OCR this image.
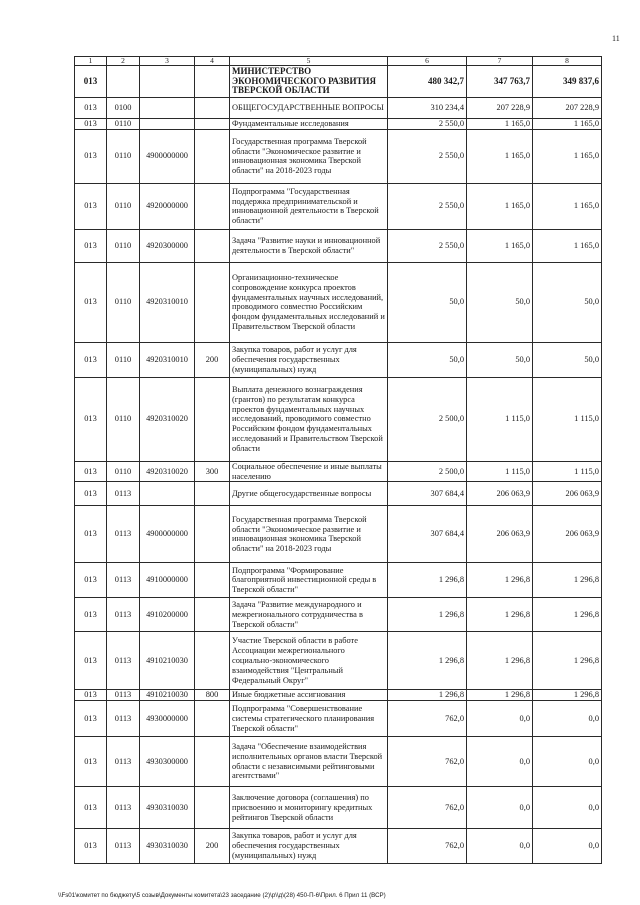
11
1	2	3	4	5	6	7	8
013				МИНИСТЕРСТВО ЭКОНОМИЧЕСКОГО РАЗВИТИЯ ТВЕРСКОЙ ОБЛАСТИ	480 342,7	347 763,7	349 837,6
013	0100			ОБЩЕГОСУДАРСТВЕННЫЕ ВОПРОСЫ	310 234,4	207 228,9	207 228,9
013	0110			Фундаментальные исследования	2 550,0	1 165,0	1 165,0
013	0110	4900000000		Государственная программа Тверской области "Экономическое развитие и инновационная экономика Тверской области" на 2018-2023 годы	2 550,0	1 165,0	1 165,0
013	0110	4920000000		Подпрограмма "Государственная поддержка предпринимательской и инновационной деятельности в Тверской области"	2 550,0	1 165,0	1 165,0
013	0110	4920300000		Задача "Развитие науки и инновационной деятельности в Тверской области"	2 550,0	1 165,0	1 165,0
013	0110	4920310010		Организационно-техническое сопровождение конкурса проектов фундаментальных научных исследований, проводимого совместно Российским фондом фундаментальных исследований и Правительством Тверской области	50,0	50,0	50,0
013	0110	4920310010	200	Закупка товаров, работ и услуг для обеспечения государственных (муниципальных) нужд	50,0	50,0	50,0
013	0110	4920310020		Выплата денежного вознаграждения (грантов) по результатам конкурса проектов фундаментальных научных исследований, проводимого совместно Российским фондом фундаментальных исследований и Правительством Тверской области	2 500,0	1 115,0	1 115,0
013	0110	4920310020	300	Социальное обеспечение и иные выплаты населению	2 500,0	1 115,0	1 115,0
013	0113			Другие общегосударственные вопросы	307 684,4	206 063,9	206 063,9
013	0113	4900000000		Государственная программа Тверской области "Экономическое развитие и инновационная экономика Тверской области" на 2018-2023 годы	307 684,4	206 063,9	206 063,9
013	0113	4910000000		Подпрограмма "Формирование благоприятной инвестиционной среды в Тверской области"	1 296,8	1 296,8	1 296,8
013	0113	4910200000		Задача "Развитие международного и межрегионального сотрудничества в Тверской области"	1 296,8	1 296,8	1 296,8
013	0113	4910210030		Участие Тверской области в работе Ассоциации межрегионального социально-экономического взаимодействия "Центральный Федеральный Округ"	1 296,8	1 296,8	1 296,8
013	0113	4910210030	800	Иные бюджетные ассигнования	1 296,8	1 296,8	1 296,8
013	0113	4930000000		Подпрограмма "Совершенствование системы стратегического планирования Тверской области"	762,0	0,0	0,0
013	0113	4930300000		Задача "Обеспечение взаимодействия исполнительных органов власти Тверской области с независимыми рейтинговыми агентствами"	762,0	0,0	0,0
013	0113	4930310030		Заключение договора (соглашения) по присвоению и мониторингу кредитных рейтингов Тверской области	762,0	0,0	0,0
013	0113	4930310030	200	Закупка товаров, работ и услуг для обеспечения государственных (муниципальных) нужд	762,0	0,0	0,0
\\Fs01\комитет по бюджету\5 созыв\Документы комитета\23 заседание (2)\р\\д\(28) 450-П-6\Прил. 6 Прил 11 (ВСР)
